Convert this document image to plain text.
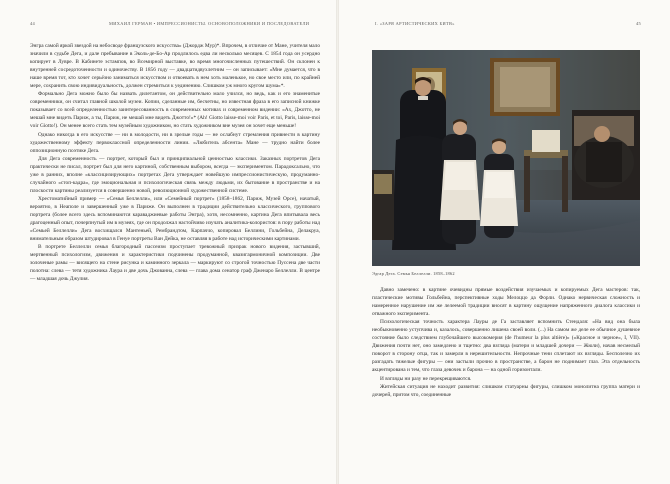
44	МИХАИЛ ГЕРМАН • ИМПРЕССИОНИСТЫ. ОСНОВОПОЛОЖНИКИ И ПОСЛЕДОВАТЕЛИ

Энгра самой яркой звездой на небосводе французского искусства» (Джордж Мур)*. Впрочем, в отличие от Мане, учителя мало значили в судьбе Дега, и дале пребывание в Эколь-де-Бо-Ар продлилось едва ли несколько месяцев. С 1854 года он усердно копирует в Лувре. В Кабинете эстампов, во Всемирной выставке, во время многочисленных путешествий. Он склонен к внутренней сосредоточенности и одиночеству. В 1856 году — двадцатидвухлетним — он записывает: «Мне думается, что в наше время тот, кто хочет серьёзно заниматься искусством и отвоевать в нем хоть маленькое, но свое место или, по крайней мере, сохранить свою индивидуальность, должен стремиться к уединению. Слишком уж много кругом шума»*.

Формально Дега можно было бы назвать дилетантом, он действительно мало учился, но ведь, как и его знаменитые современники, он считал главной школой музеи. Копии, сделанные им, бесчетны, но известная фраза в его записной книжке показывает со всей определенностью заинтересованность в современных мотивах и современном видении: «Ах, Джотто, не мешай мне видеть Париж, а ты, Париж, не мешай мне видеть Джотто!»* (Ah! Giotto laisse-moi voir Paris, et toi, Paris, laisse-moi voir Giotto!). Он менее всего стать тем музейным художником, но стать художником вне музея он хочет еще меньше!

Однако никогда в его искусстве — ни в молодости, ни в зрелые годы — не ослабнут стремления привнести в картину художественному эффекту первоклассной определенности линии. «Любитель абсента» Мане — трудно найти более оппозиционную поэтике Дега.

Для Дега современность — портрет, который был и принципиальной ценностью классики. Заказных портретов Дега практически не писал, портрет был для него картиной, собственным выбором, всегда — экспериментом. Парадоксально, что уже в ранних, вполне «классицизирующих» портретах Дега утверждает новейшую импрессионистическую, продуманно-случайного «стоп-кадра», где эмоциональная и психологическая связь между людьми, их бытование в пространстве и на плоскости картины реализуется в совершенно новой, революционной художественной системе.

Хрестоматийный пример — «Семья Беллелли», или «Семейный портрет» (1858–1862, Париж, Музей Орсе), начатый, вероятно, в Неаполе и завершенный уже в Париже. Он выполнен в традиции действительно классического, группового портрета (более всего здесь вспоминаются караваджиевые работы Энгра), хотя, несомненно, картина Дега впитывала весь драгоценный опыт, почерпнутый им в музеях, где он продолжал настойчиво изучать аналитика-колористов: в пору работы над «Семьей Беллелли» Дега восхищался Мантеньей, Рембрандтом, Карпаччо, копировал Беллини, Гольбейна, Делакруа, внимательным образом штудировал в Генуе портреты Ван Дейка, не оставляя в работе над историческими картинами.

В портрете Беллелли семья благородный пассеизм проступает тревожный призрак нового видения, застывший, мертвенный психологизм, движения и характеристики подчинены продуманной, квазигармоничной композиции. Две золоченые рамы — висящего на стене рисунка и каминного зеркала — маркируют со строгой точностью Пуссена две части полотна: слева — тетя художника Лаура и две дочь Джованна, слева — глава дома сенатор граф Дженаро Беллелли. В центре — младшая дочь Джулия.

I. «ЗАРЯ АРТИСТИЧЕСКИХ БИТВ»	45
Эдгар Дега. Семья Беллелли. 1858–1862

Давно замечено: в картине очевидны прямые воздействия изучаемых и копируемых Дега мастеров: так, пластические мотивы Гольбейна, перспективные ходы Мелоццо да Форли. Однако нервическая сложность и намеренное нарушение им же лелеемой традиции вносят в картину ощущение напряженного диалога классики и отважного эксперимента.

Психологическая точность характера Лауры де Га заставляет вспомнить Стендаля: «На вид она была необыкновенно уступчива и, казалось, совершенно лишена своей воли. (...) На самом же деле ее обычное душевное состояние было следствием глубочайшего высокомерия (de l'humeur la plus altière)» («Красное и черное», I, VII). Движения почти нет, оно замедлено и тщетно: два взгляда (матери и младшей дочери — Жюли), начав несмелый поворот в сторону отца, так и замерли в нерешительности. Непрочные тени сплетают их взгляды. Бесполезно их разгадать тяжелые фигуры — они застыли прочно в пространстве, а барон не поднимает глаз. Эта отдельность акцентирована и тем, что глаза девочек и барона — на одной горизонтали.

И взгляды ни разу не перекрещиваются.

Житейская ситуация не находит развития: слишком статуарны фигуры, слишком монолитна группа матери и дочерей, притом что, соединенные
